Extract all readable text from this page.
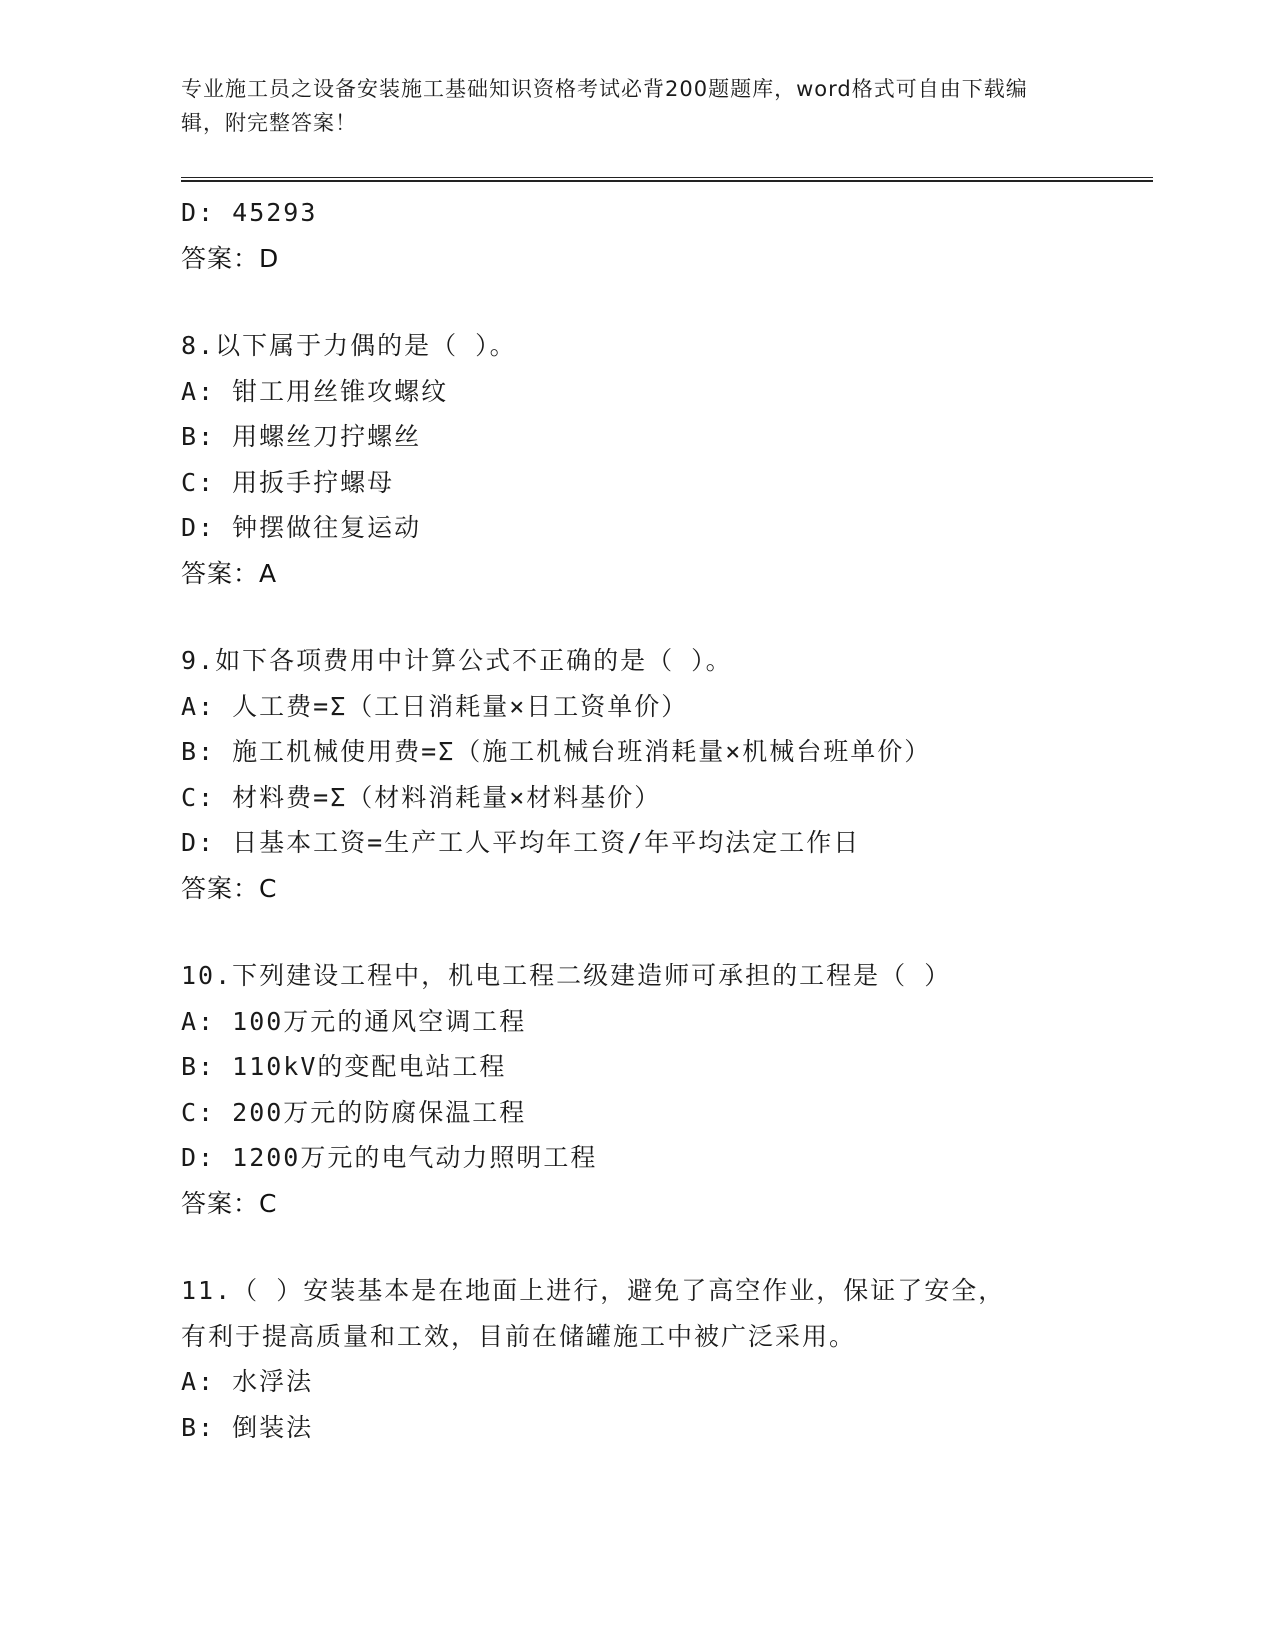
专业施工员之设备安装施工基础知识资格考试必背200题题库，word格式可自由下载编辑，附完整答案！
D: 45293
答案：D
8.以下属于力偶的是（ ）。
A: 钳工用丝锥攻螺纹
B: 用螺丝刀拧螺丝
C: 用扳手拧螺母
D: 钟摆做往复运动
答案：A
9.如下各项费用中计算公式不正确的是（ ）。
A: 人工费=Σ（工日消耗量×日工资单价）
B: 施工机械使用费=Σ（施工机械台班消耗量×机械台班单价）
C: 材料费=Σ（材料消耗量×材料基价）
D: 日基本工资=生产工人平均年工资/年平均法定工作日
答案：C
10.下列建设工程中，机电工程二级建造师可承担的工程是（ ）
A: 100万元的通风空调工程
B: 110kV的变配电站工程
C: 200万元的防腐保温工程
D: 1200万元的电气动力照明工程
答案：C
11.（ ）安装基本是在地面上进行，避免了高空作业，保证了安全，有利于提高质量和工效，目前在储罐施工中被广泛采用。
A: 水浮法
B: 倒装法
